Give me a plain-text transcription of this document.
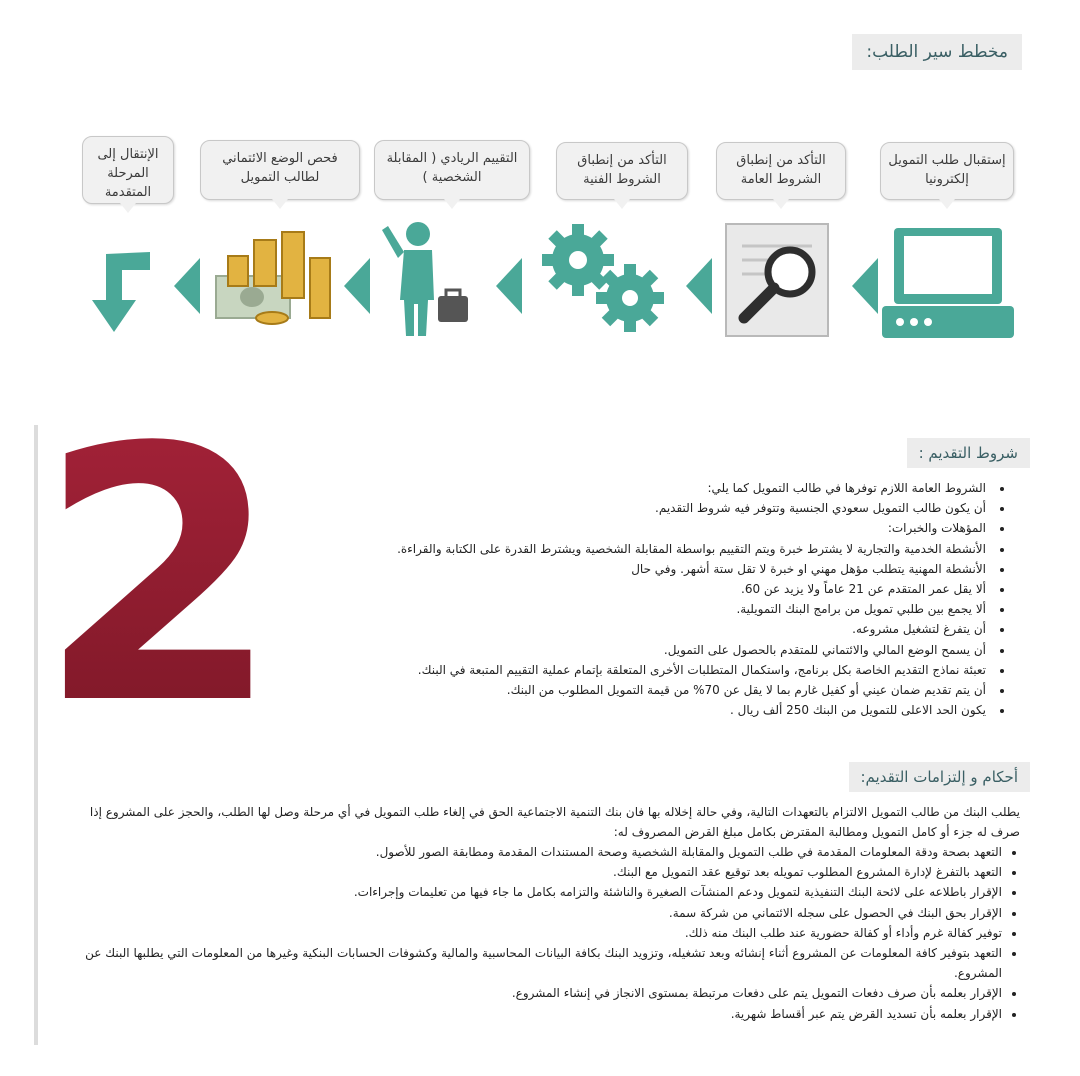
مخطط سير الطلب:
إستقبال طلب التمويل إلكترونيا
التأكد من إنطباق الشروط العامة
التأكد من إنطباق الشروط الفنية
التقييم الريادي ( المقابلة الشخصية )
فحص الوضع الائتماني لطالب التمويل
الإنتقال إلى المرحلة المتقدمة
2	شروط التقديم :
• الشروط العامة اللازم توفرها في طالب التمويل كما يلي:
• أن يكون طالب التمويل سعودي الجنسية وتتوفر فيه شروط التقديم.
• المؤهلات والخبرات:
• الأنشطة الخدمية والتجارية لا يشترط خبرة ويتم التقييم بواسطة المقابلة الشخصية ويشترط القدرة على الكتابة والقراءة.
• الأنشطة المهنية يتطلب مؤهل مهني او خبرة لا تقل ستة أشهر. وفي حال
• ألا يقل عمر المتقدم عن 21 عاماً ولا يزيد عن 60.
• ألا يجمع بين طلبي تمويل من برامج البنك التمويلية.
• أن يتفرغ لتشغيل مشروعه.
• أن يسمح الوضع المالي والائتماني للمتقدم بالحصول على التمويل.
• تعبئة نماذج التقديم الخاصة بكل برنامج، واستكمال المتطلبات الأخرى المتعلقة بإتمام عملية التقييم المتبعة في البنك.
• أن يتم تقديم ضمان عيني أو كفيل غارم بما لا يقل عن 70% من قيمة التمويل المطلوب من البنك.
• يكون الحد الاعلى للتمويل من البنك 250 ألف ريال .
أحكام و إلتزامات التقديم:
يطلب البنك من طالب التمويل الالتزام بالتعهدات التالية، وفي حالة إخلاله بها فان بنك التنمية الاجتماعية الحق في إلغاء طلب التمويل في أي مرحلة وصل لها الطلب، والحجز على المشروع إذا صرف له جزء أو كامل التمويل ومطالبة المقترض بكامل مبلغ القرض المصروف له:
• التعهد بصحة ودقة المعلومات المقدمة في طلب التمويل والمقابلة الشخصية وصحة المستندات المقدمة ومطابقة الصور للأصول.
• التعهد بالتفرغ لإدارة المشروع المطلوب تمويله بعد توقيع عقد التمويل مع البنك.
• الإقرار باطلاعه على لائحة البنك التنفيذية لتمويل ودعم المنشآت الصغيرة والناشئة والتزامه بكامل ما جاء فيها من تعليمات وإجراءات.
• الإقرار بحق البنك في الحصول على سجله الائتماني من شركة سمة.
• توفير كفالة غرم وأداء أو كفالة حضورية عند طلب البنك منه ذلك.
• التعهد بتوفير كافة المعلومات عن المشروع أثناء إنشائه وبعد تشغيله، وتزويد البنك بكافة البيانات المحاسبية والمالية وكشوفات الحسابات البنكية وغيرها من المعلومات التي يطلبها البنك عن المشروع.
• الإقرار بعلمه بأن صرف دفعات التمويل يتم على دفعات مرتبطة بمستوى الانجاز في إنشاء المشروع.
• الإقرار بعلمه بأن تسديد القرض يتم عبر أقساط شهرية.
